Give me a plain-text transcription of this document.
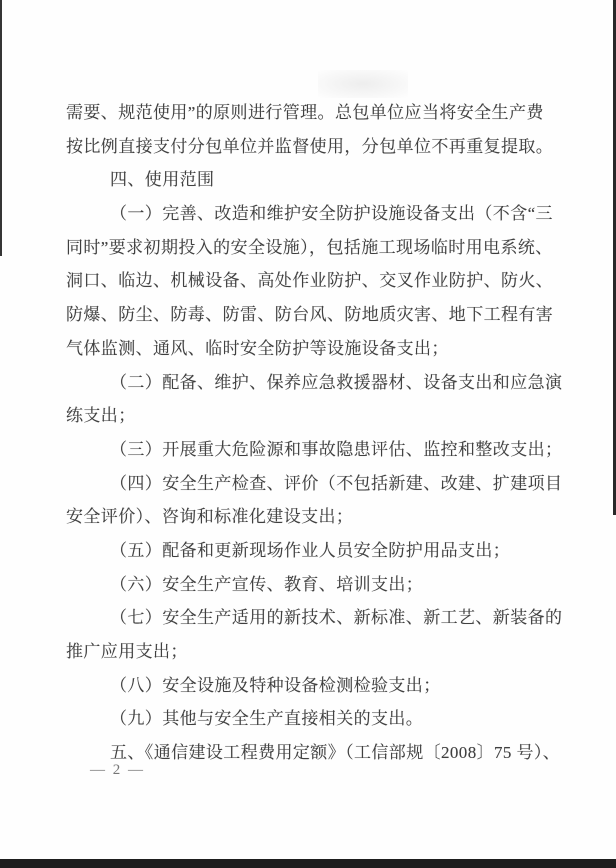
需要、规范使用”的原则进行管理。总包单位应当将安全生产费
按比例直接支付分包单位并监督使用，分包单位不再重复提取。
四、使用范围
（一）完善、改造和维护安全防护设施设备支出（不含“三
同时”要求初期投入的安全设施），包括施工现场临时用电系统、
洞口、临边、机械设备、高处作业防护、交叉作业防护、防火、
防爆、防尘、防毒、防雷、防台风、防地质灾害、地下工程有害
气体监测、通风、临时安全防护等设施设备支出；
（二）配备、维护、保养应急救援器材、设备支出和应急演
练支出；
（三）开展重大危险源和事故隐患评估、监控和整改支出；
（四）安全生产检查、评价（不包括新建、改建、扩建项目
安全评价）、咨询和标准化建设支出；
（五）配备和更新现场作业人员安全防护用品支出；
（六）安全生产宣传、教育、培训支出；
（七）安全生产适用的新技术、新标准、新工艺、新装备的
推广应用支出；
（八）安全设施及特种设备检测检验支出；
（九）其他与安全生产直接相关的支出。
五、《通信建设工程费用定额》（工信部规〔2008〕75 号）、
— 2 —
